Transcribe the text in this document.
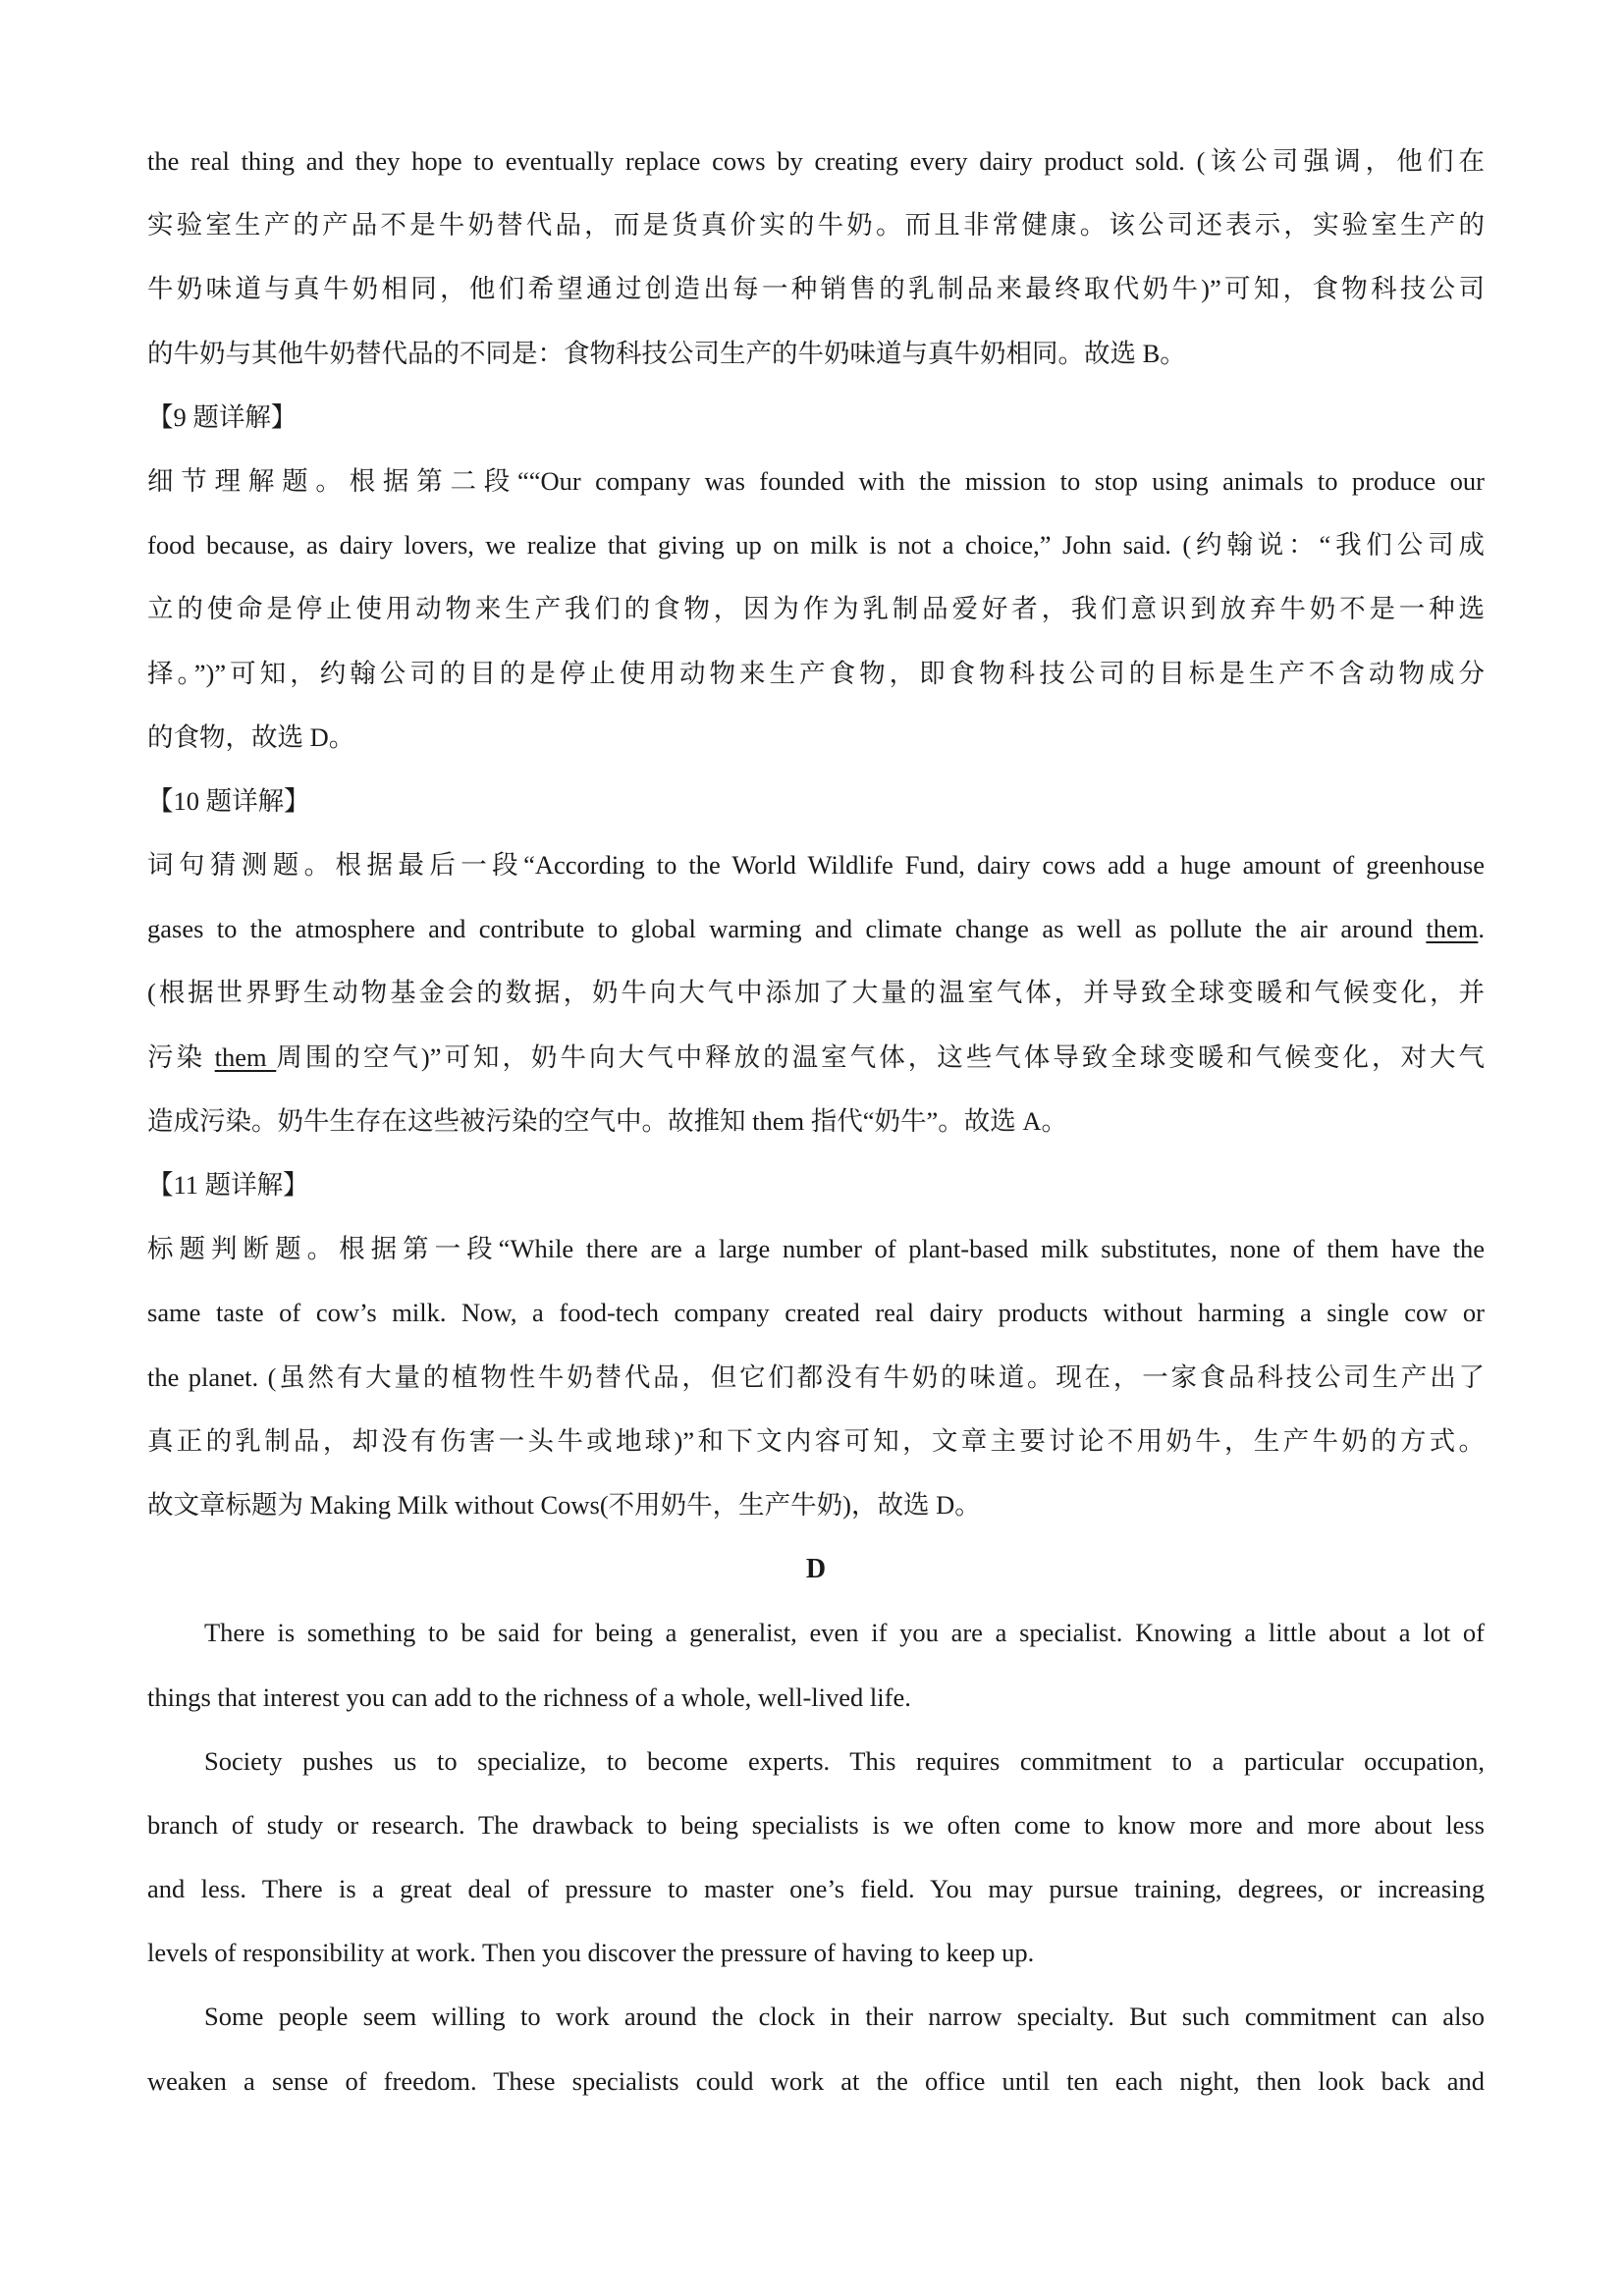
the real thing and they hope to eventually replace cows by creating every dairy product sold. (该公司强调，他们在
实验室生产的产品不是牛奶替代品，而是货真价实的牛奶。而且非常健康。该公司还表示，实验室生产的
牛奶味道与真牛奶相同，他们希望通过创造出每一种销售的乳制品来最终取代奶牛)”可知，食物科技公司
的牛奶与其他牛奶替代品的不同是：食物科技公司生产的牛奶味道与真牛奶相同。故选 B。
【9 题详解】
细节理解题。根据第二段““Our company was founded with the mission to stop using animals to produce our
food because, as dairy lovers, we realize that giving up on milk is not a choice,” John said. (约翰说：“我们公司成
立的使命是停止使用动物来生产我们的食物，因为作为乳制品爱好者，我们意识到放弃牛奶不是一种选
择。”)”可知，约翰公司的目的是停止使用动物来生产食物，即食物科技公司的目标是生产不含动物成分
的食物，故选 D。
【10 题详解】
词句猜测题。根据最后一段“According to the World Wildlife Fund, dairy cows add a huge amount of greenhouse
gases to the atmosphere and contribute to global warming and climate change as well as pollute the air around them.
(根据世界野生动物基金会的数据，奶牛向大气中添加了大量的温室气体，并导致全球变暖和气候变化，并
污染 them 周围的空气)”可知，奶牛向大气中释放的温室气体，这些气体导致全球变暖和气候变化，对大气
造成污染。奶牛生存在这些被污染的空气中。故推知 them 指代“奶牛”。故选 A。
【11 题详解】
标题判断题。根据第一段“While there are a large number of plant-based milk substitutes, none of them have the
same taste of cow’s milk. Now, a food-tech company created real dairy products without harming a single cow or
the planet. (虽然有大量的植物性牛奶替代品，但它们都没有牛奶的味道。现在，一家食品科技公司生产出了
真正的乳制品，却没有伤害一头牛或地球)”和下文内容可知，文章主要讨论不用奶牛，生产牛奶的方式。
故文章标题为 Making Milk without Cows(不用奶牛，生产牛奶)，故选 D。
D
There is something to be said for being a generalist, even if you are a specialist. Knowing a little about a lot of
things that interest you can add to the richness of a whole, well-lived life.
Society pushes us to specialize, to become experts. This requires commitment to a particular occupation,
branch of study or research. The drawback to being specialists is we often come to know more and more about less
and less. There is a great deal of pressure to master one’s field. You may pursue training, degrees, or increasing
levels of responsibility at work. Then you discover the pressure of having to keep up.
Some people seem willing to work around the clock in their narrow specialty. But such commitment can also
weaken a sense of freedom. These specialists could work at the office until ten each night, then look back and
